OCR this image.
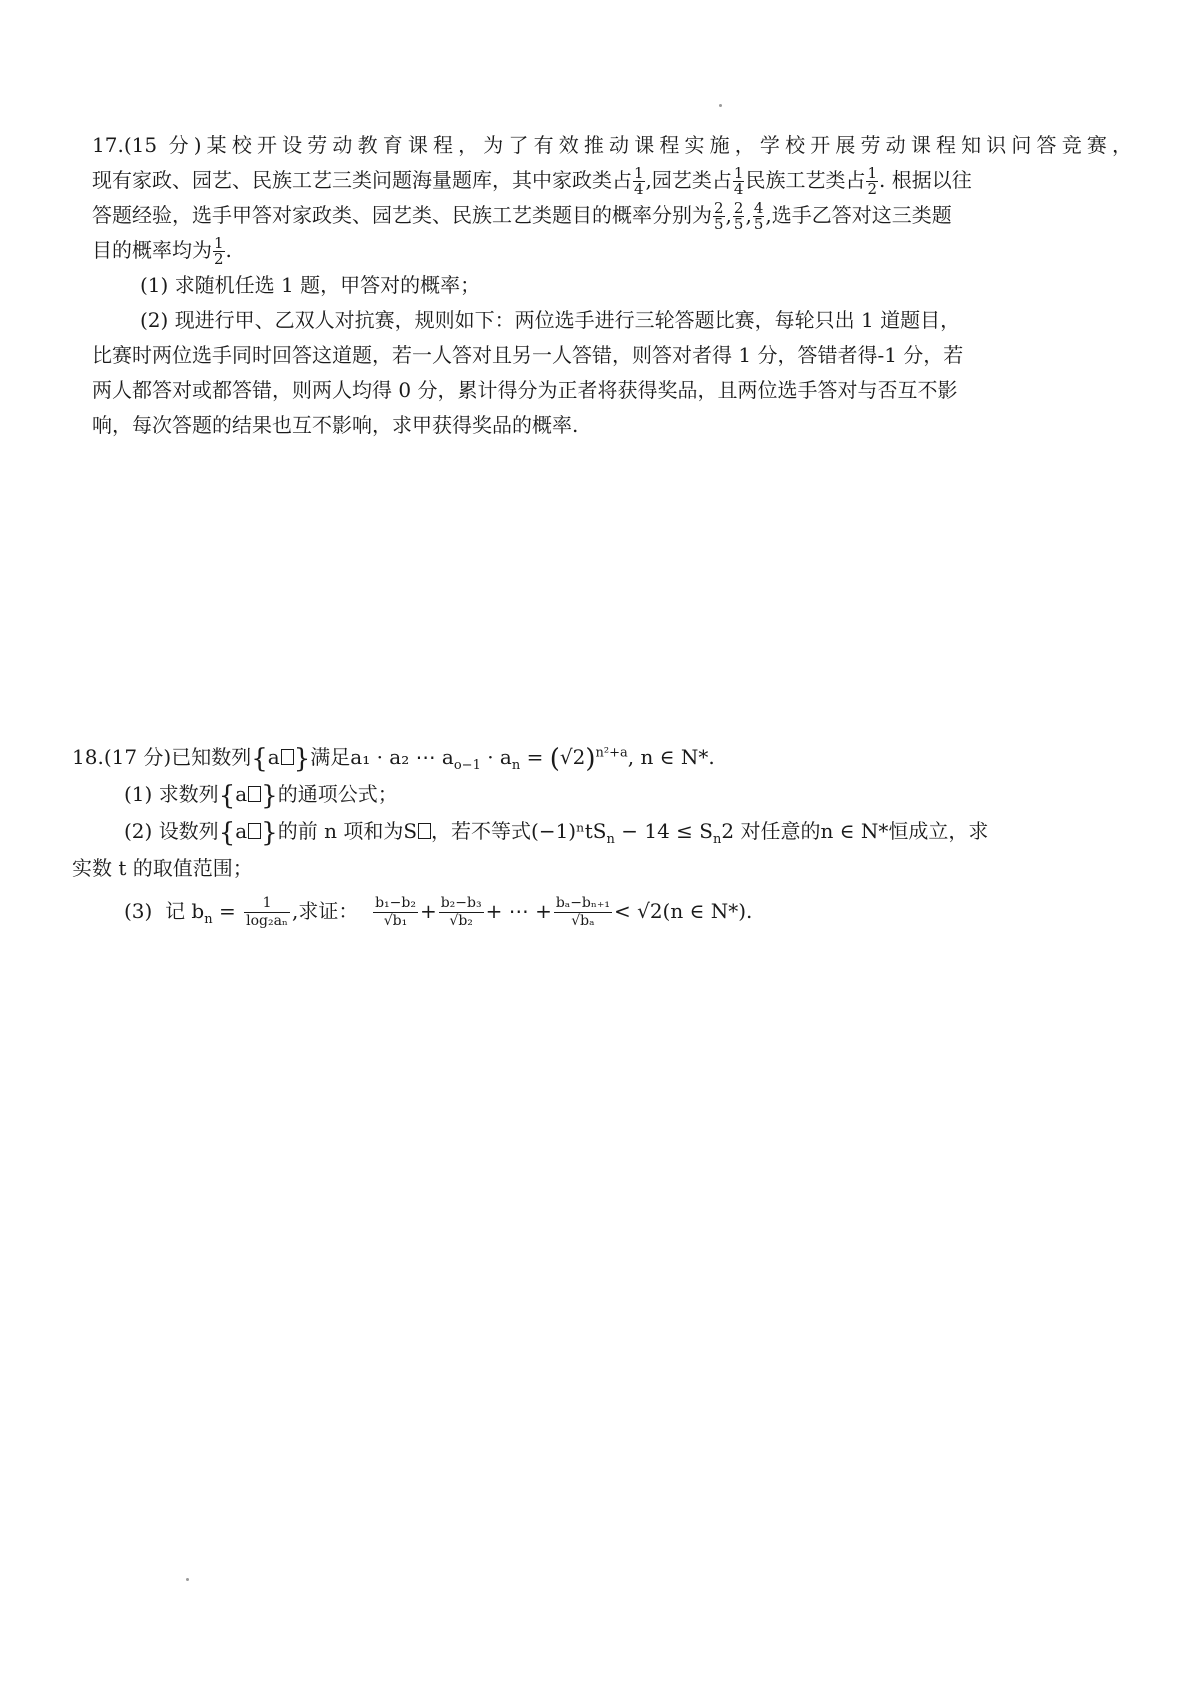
17.(15 分)某校开设劳动教育课程，为了有效推动课程实施，学校开展劳动课程知识问答竞赛，
现有家政、园艺、民族工艺三类问题海量题库，其中家政类占 $\frac{1}{4}$ ,园艺类占 $\frac{1}{4}$ 民族工艺类占 $\frac{1}{2}$ . 根据以往
答题经验，选手甲答对家政类、园艺类、民族工艺类题目的概率分别为 $\frac{2}{5}$ , $\frac{2}{5}$ , $\frac{4}{5}$ ,选手乙答对这三类题
目的概率均为 $\frac{1}{2}$ .
(1) 求随机任选 1 题，甲答对的概率；
(2) 现进行甲、乙双人对抗赛，规则如下：两位选手进行三轮答题比赛，每轮只出 1 道题目，
比赛时两位选手同时回答这道题，若一人答对且另一人答错，则答对者得 1 分，答错者得-1 分，若
两人都答对或都答错，则两人均得 0 分，累计得分为正者将获得奖品，且两位选手答对与否互不影
响，每次答题的结果也互不影响，求甲获得奖品的概率.
18.(17 分)已知数列{a }满足a₁ · a₂ ⋯ $a_{o-1} \cdot a_n = (√2)^{n^2+a}$, n ∈ N*.
(1) 求数列{a }的通项公式；
(2) 设数列{a }的前 n 项和为S ，若不等式$(-1)^ntS_n - 14 \le S_n2$ 对任意的n ∈ N*恒成立，求
实数 t 的取值范围；
(3) 记 $b_n = \frac{1}{\text{log₂aₙ}}$ ,求证： $\frac{\text{b₁−b₂}}{\text{√b₁}} + \frac{\text{b₂−b₃}}{\text{√b₂}}$ + ⋯ + $\frac{\text{bₐ−bₙ₊₁}}{\text{√bₐ}} < √2(n$ ∈ N*).
